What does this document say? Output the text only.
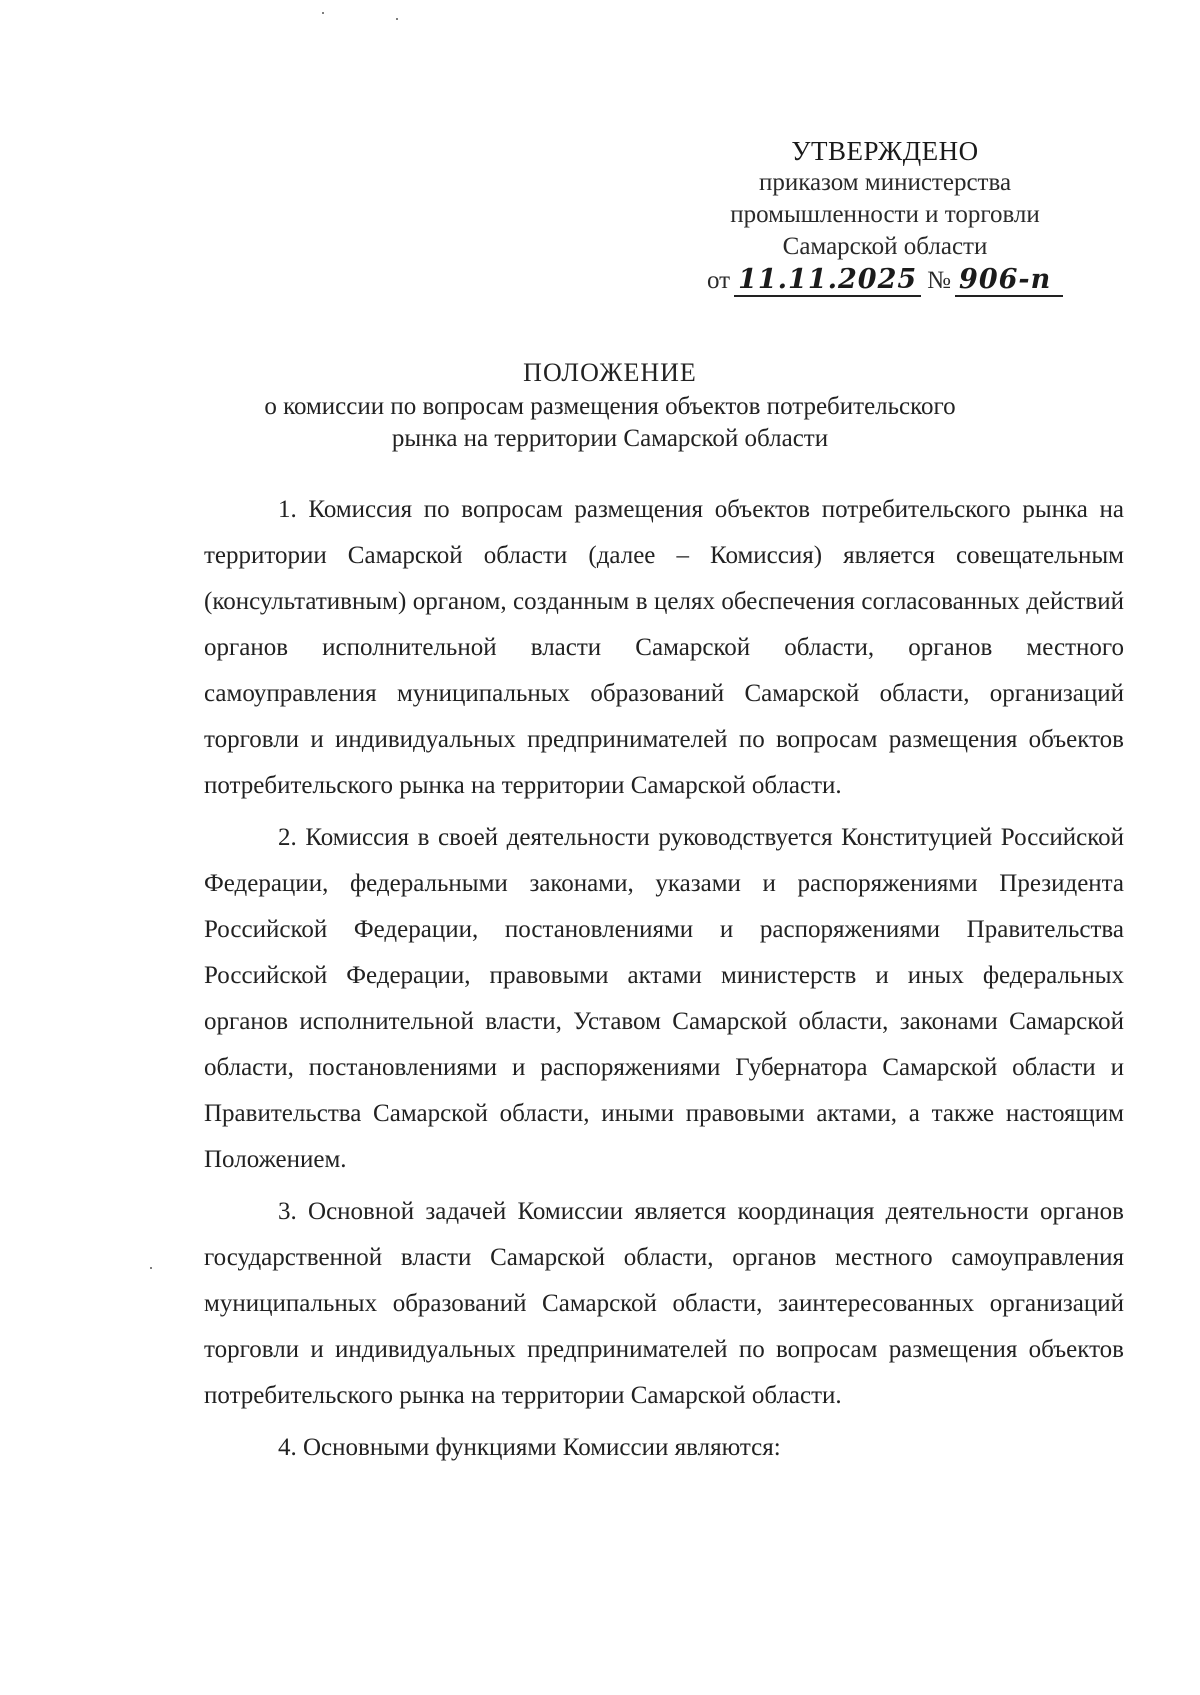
УТВЕРЖДЕНО
приказом министерства
промышленности и торговли
Самарской области
от 11.11.2025 № 906-п
ПОЛОЖЕНИЕ
о комиссии по вопросам размещения объектов потребительского
рынка на территории Самарской области

1. Комиссия по вопросам размещения объектов потребительского рынка на территории Самарской области (далее – Комиссия) является совещательным (консультативным) органом, созданным в целях обеспечения согласованных действий органов исполнительной власти Самарской области, органов местного самоуправления муниципальных образований Самарской области, организаций торговли и индивидуальных предпринимателей по вопросам размещения объектов потребительского рынка на территории Самарской области.

2. Комиссия в своей деятельности руководствуется Конституцией Российской Федерации, федеральными законами, указами и распоряжениями Президента Российской Федерации, постановлениями и распоряжениями Правительства Российской Федерации, правовыми актами министерств и иных федеральных органов исполнительной власти, Уставом Самарской области, законами Самарской области, постановлениями и распоряжениями Губернатора Самарской области и Правительства Самарской области, иными правовыми актами, а также настоящим Положением.

3. Основной задачей Комиссии является координация деятельности органов государственной власти Самарской области, органов местного самоуправления муниципальных образований Самарской области, заинтересованных организаций торговли и индивидуальных предпринимателей по вопросам размещения объектов потребительского рынка на территории Самарской области.

4. Основными функциями Комиссии являются:
